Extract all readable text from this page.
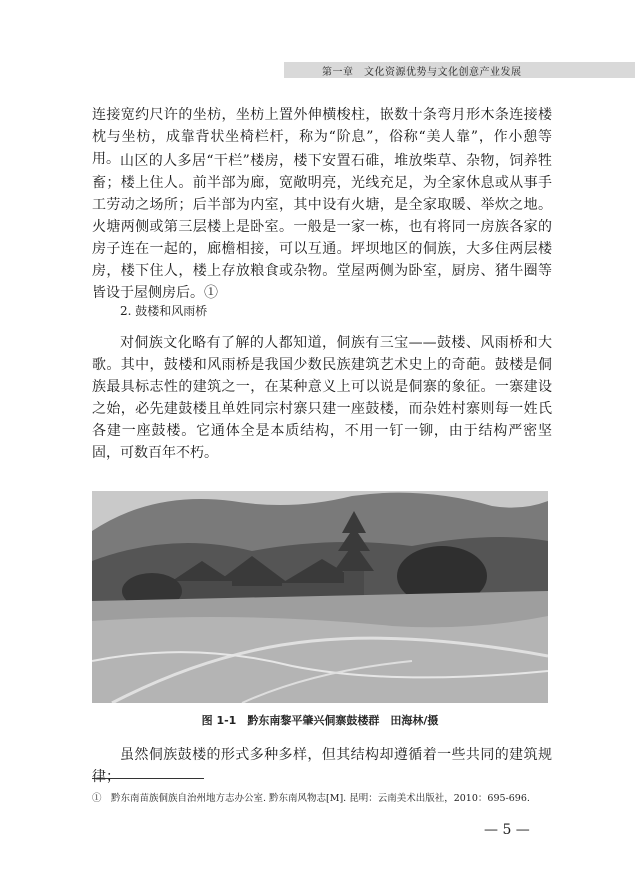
第一章　文化资源优势与文化创意产业发展

连接宽约尺许的坐枋，坐枋上置外伸横梭柱，嵌数十条弯月形木条连接楼枕与坐枋，成靠背状坐椅栏杆，称为“阶息”，俗称“美人靠”，作小憩等用。 山区的人多居“干栏”楼房，楼下安置石碓，堆放柴草、杂物，饲养牲畜；楼上住人。前半部为廊，宽敞明亮，光线充足，为全家休息或从事手工劳动之场所；后半部为内室，其中设有火塘，是全家取暖、举炊之地。火塘两侧或第三层楼上是卧室。一般是一家一栋，也有将同一房族各家的房子连在一起的，廊檐相接，可以互通。坪坝地区的侗族，大多住两层楼房，楼下住人，楼上存放粮食或杂物。堂屋两侧为卧室，厨房、猪牛圈等皆设于屋侧房后。①

2. 鼓楼和风雨桥

对侗族文化略有了解的人都知道，侗族有三宝——鼓楼、风雨桥和大歌。其中，鼓楼和风雨桥是我国少数民族建筑艺术史上的奇葩。鼓楼是侗族最具标志性的建筑之一，在某种意义上可以说是侗寨的象征。一寨建设之始，必先建鼓楼且单姓同宗村寨只建一座鼓楼，而杂姓村寨则每一姓氏各建一座鼓楼。它通体全是本质结构，不用一钉一铆，由于结构严密坚固，可数百年不朽。

图 1-1　黔东南黎平肇兴侗寨鼓楼群　田海林/摄

虽然侗族鼓楼的形式多种多样，但其结构却遵循着一些共同的建筑规律；

①　黔东南苗族侗族自治州地方志办公室. 黔东南风物志[M]. 昆明：云南美术出版社，2010：695-696.
— 5 —
